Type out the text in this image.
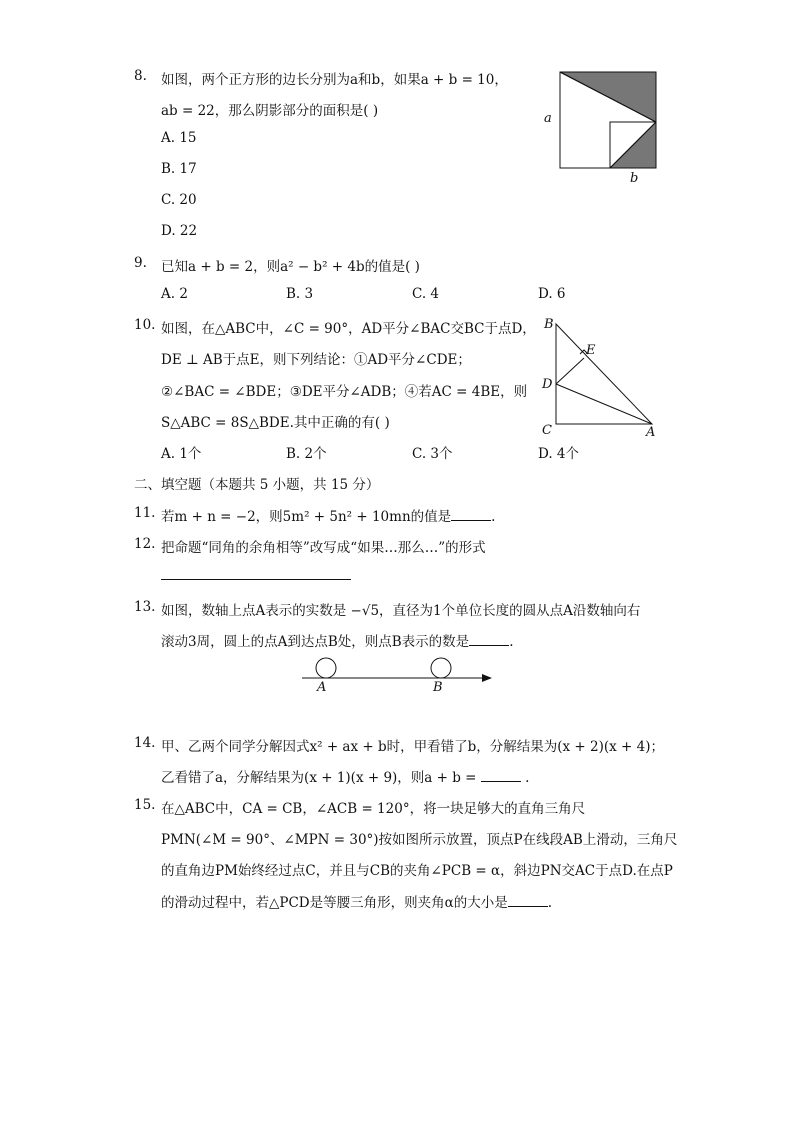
8. 如图，两个正方形的边长分别为a和b，如果a + b = 10，
ab = 22，那么阴影部分的面积是( )
A. 15
B. 17
C. 20
D. 22
a
b
9. 已知a + b = 2，则a² − b² + 4b的值是( )
A. 2	B. 3	C. 4	D. 6
10. 如图，在△ABC中，∠C = 90°，AD平分∠BAC交BC于点D，
DE ⊥ AB于点E，则下列结论：①AD平分∠CDE；
②∠BAC = ∠BDE；③DE平分∠ADB；④若AC = 4BE，则
S△ABC = 8S△BDE.其中正确的有( )
A. 1个	B. 2个	C. 3个	D. 4个
B
E
D
C	A
二、填空题（本题共 5 小题，共 15 分）
11. 若m + n = −2，则5m² + 5n² + 10mn的值是	.
12. 把命题“同角的余角相等”改写成“如果…那么…”的形式
13. 如图，数轴上点A表示的实数是 −√5，直径为1个单位长度的圆从点A沿数轴向右
滚动3周，圆上的点A到达点B处，则点B表示的数是	.
A	B
14. 甲、乙两个同学分解因式x² + ax + b时，甲看错了b，分解结果为(x + 2)(x + 4)；
乙看错了a，分解结果为(x + 1)(x + 9)，则a + b =	.
15. 在△ABC中，CA = CB，∠ACB = 120°，将一块足够大的直角三角尺
PMN(∠M = 90°、∠MPN = 30°)按如图所示放置，顶点P在线段AB上滑动，三角尺
的直角边PM始终经过点C，并且与CB的夹角∠PCB = α，斜边PN交AC于点D.在点P
的滑动过程中，若△PCD是等腰三角形，则夹角α的大小是	.
